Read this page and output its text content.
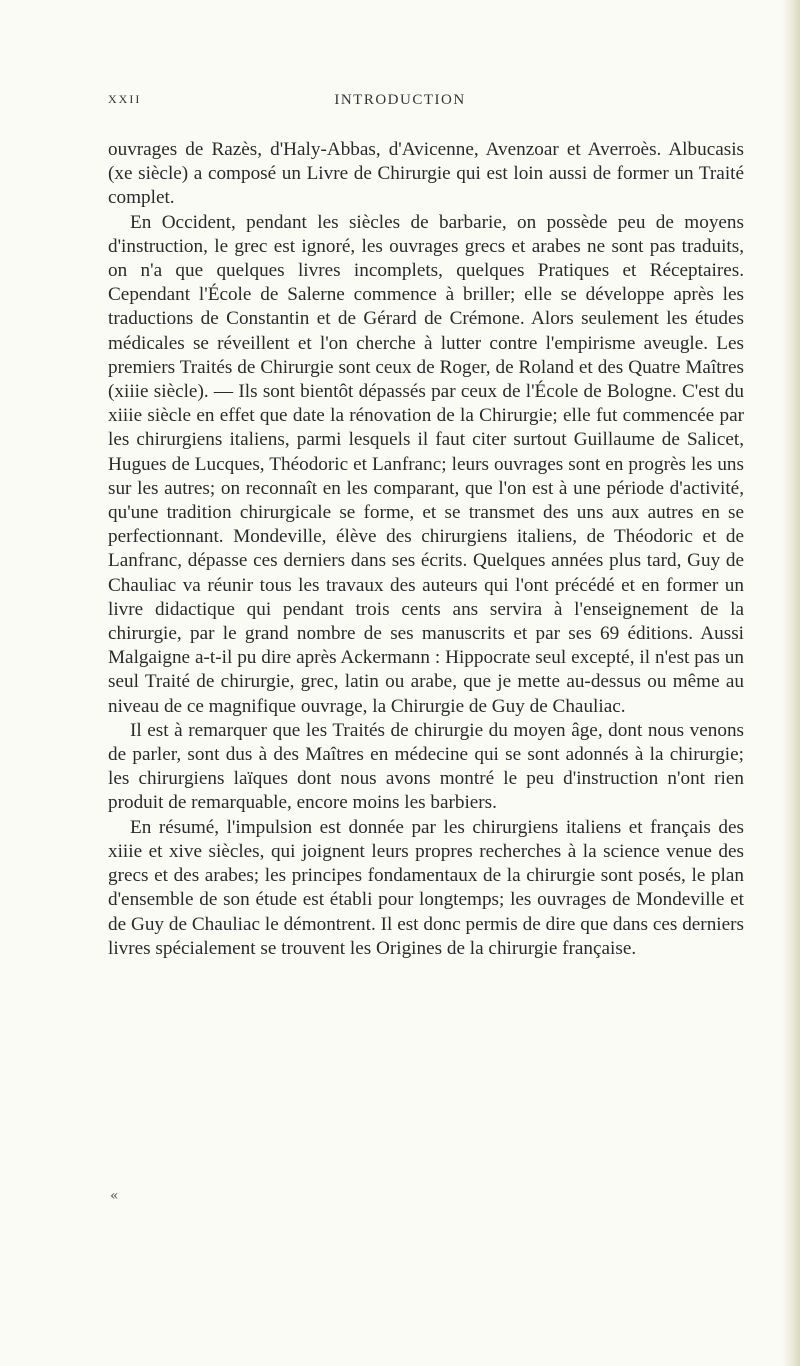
XXII	INTRODUCTION

ouvrages de Razès, d'Haly-Abbas, d'Avicenne, Avenzoar et Averroès. Albucasis (xe siècle) a composé un Livre de Chirurgie qui est loin aussi de former un Traité complet.

En Occident, pendant les siècles de barbarie, on possède peu de moyens d'instruction, le grec est ignoré, les ouvrages grecs et arabes ne sont pas traduits, on n'a que quelques livres incomplets, quelques Pratiques et Réceptaires. Cependant l'École de Salerne commence à briller; elle se développe après les traductions de Constantin et de Gérard de Crémone. Alors seulement les études médicales se réveillent et l'on cherche à lutter contre l'empirisme aveugle. Les premiers Traités de Chirurgie sont ceux de Roger, de Roland et des Quatre Maîtres (xiiie siècle). — Ils sont bientôt dépassés par ceux de l'École de Bologne. C'est du xiiie siècle en effet que date la rénovation de la Chirurgie; elle fut commencée par les chirurgiens italiens, parmi lesquels il faut citer surtout Guillaume de Salicet, Hugues de Lucques, Théodoric et Lanfranc; leurs ouvrages sont en progrès les uns sur les autres; on reconnaît en les comparant, que l'on est à une période d'activité, qu'une tradition chirurgicale se forme, et se transmet des uns aux autres en se perfectionnant. Mondeville, élève des chirurgiens italiens, de Théodoric et de Lanfranc, dépasse ces derniers dans ses écrits. Quelques années plus tard, Guy de Chauliac va réunir tous les travaux des auteurs qui l'ont précédé et en former un livre didactique qui pendant trois cents ans servira à l'enseignement de la chirurgie, par le grand nombre de ses manuscrits et par ses 69 éditions. Aussi Malgaigne a-t-il pu dire après Ackermann : Hippocrate seul excepté, il n'est pas un seul Traité de chirurgie, grec, latin ou arabe, que je mette au-dessus ou même au niveau de ce magnifique ouvrage, la Chirurgie de Guy de Chauliac.

Il est à remarquer que les Traités de chirurgie du moyen âge, dont nous venons de parler, sont dus à des Maîtres en médecine qui se sont adonnés à la chirurgie; les chirurgiens laïques dont nous avons montré le peu d'instruction n'ont rien produit de remarquable, encore moins les barbiers.

En résumé, l'impulsion est donnée par les chirurgiens italiens et français des xiiie et xive siècles, qui joignent leurs propres recherches à la science venue des grecs et des arabes; les principes fondamentaux de la chirurgie sont posés, le plan d'ensemble de son étude est établi pour longtemps; les ouvrages de Mondeville et de Guy de Chauliac le démontrent. Il est donc permis de dire que dans ces derniers livres spécialement se trouvent les Origines de la chirurgie française.

«
